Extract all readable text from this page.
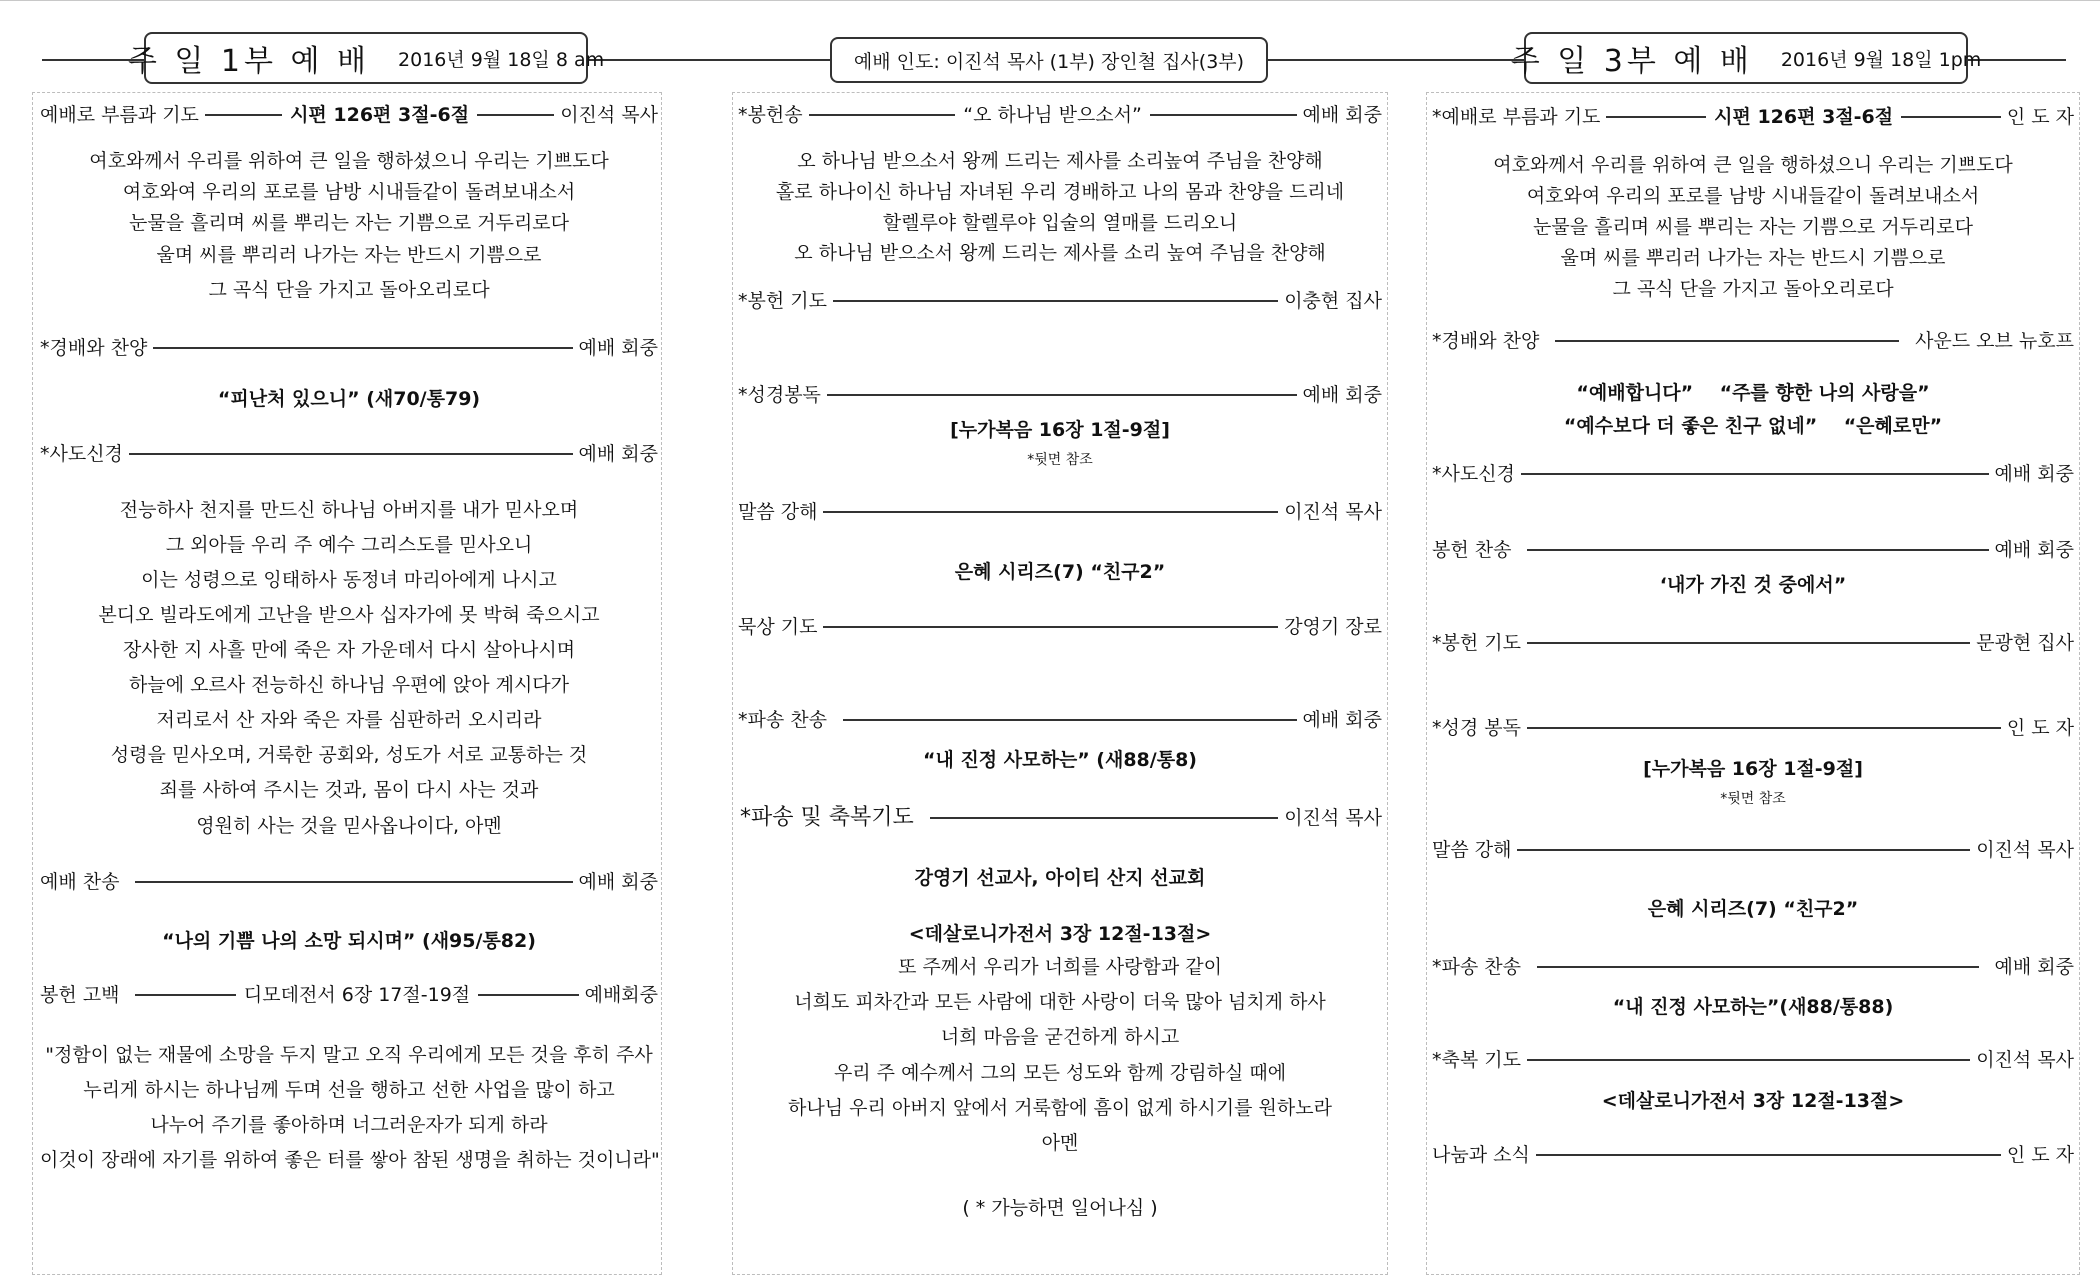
주 일 1부 예 배 2016년 9월 18일 8 am	예배 인도: 이진석 목사 (1부) 장인철 집사(3부)	주 일 3부 예 배 2016년 9월 18일 1pm
예배로 부름과 기도	시편 126편 3절-6절	이진석 목사
여호와께서 우리를 위하여 큰 일을 행하셨으니 우리는 기쁘도다
여호와여 우리의 포로를 남방 시내들같이 돌려보내소서
눈물을 흘리며 씨를 뿌리는 자는 기쁨으로 거두리로다
울며 씨를 뿌리러 나가는 자는 반드시 기쁨으로
그 곡식 단을 가지고 돌아오리로다
*경배와 찬양	예배 회중
“피난처 있으니” (새70/통79)
*사도신경	예배 회중
전능하사 천지를 만드신 하나님 아버지를 내가 믿사오며
그 외아들 우리 주 예수 그리스도를 믿사오니
이는 성령으로 잉태하사 동정녀 마리아에게 나시고
본디오 빌라도에게 고난을 받으사 십자가에 못 박혀 죽으시고
장사한 지 사흘 만에 죽은 자 가운데서 다시 살아나시며
하늘에 오르사 전능하신 하나님 우편에 앉아 계시다가
저리로서 산 자와 죽은 자를 심판하러 오시리라
성령을 믿사오며, 거룩한 공회와, 성도가 서로 교통하는 것
죄를 사하여 주시는 것과, 몸이 다시 사는 것과
영원히 사는 것을 믿사옵나이다, 아멘
예배 찬송	예배 회중
“나의 기쁨 나의 소망 되시며” (새95/통82)
봉헌 고백	디모데전서 6장 17절-19절	예배회중
"정함이 없는 재물에 소망을 두지 말고 오직 우리에게 모든 것을 후히 주사
누리게 하시는 하나님께 두며 선을 행하고 선한 사업을 많이 하고
나누어 주기를 좋아하며 너그러운자가 되게 하라
이것이 장래에 자기를 위하여 좋은 터를 쌓아 참된 생명을 취하는 것이니라"
*봉헌송	“오 하나님 받으소서”	예배 회중
오 하나님 받으소서 왕께 드리는 제사를 소리높여 주님을 찬양해
홀로 하나이신 하나님 자녀된 우리 경배하고 나의 몸과 찬양을 드리네
할렐루야 할렐루야 입술의 열매를 드리오니
오 하나님 받으소서 왕께 드리는 제사를 소리 높여 주님을 찬양해
*봉헌 기도	이충현 집사
*성경봉독	예배 회중
[누가복음 16장 1절-9절]
*뒷면 참조
말씀 강해	이진석 목사
은혜 시리즈(7) “친구2”
묵상 기도	강영기 장로
*파송 찬송	예배 회중
“내 진정 사모하는” (새88/통8)
*파송 및 축복기도	이진석 목사
강영기 선교사, 아이티 산지 선교회
<데살로니가전서 3장 12절-13절>
또 주께서 우리가 너희를 사랑함과 같이
너희도 피차간과 모든 사람에 대한 사랑이 더욱 많아 넘치게 하사
너희 마음을 굳건하게 하시고
우리 주 예수께서 그의 모든 성도와 함께 강림하실 때에
하나님 우리 아버지 앞에서 거룩함에 흠이 없게 하시기를 원하노라
아멘
( * 가능하면 일어나심 )
*예배로 부름과 기도	시편 126편 3절-6절	인 도 자
여호와께서 우리를 위하여 큰 일을 행하셨으니 우리는 기쁘도다
여호와여 우리의 포로를 남방 시내들같이 돌려보내소서
눈물을 흘리며 씨를 뿌리는 자는 기쁨으로 거두리로다
울며 씨를 뿌리러 나가는 자는 반드시 기쁨으로
그 곡식 단을 가지고 돌아오리로다
*경배와 찬양	사운드 오브 뉴호프
“예배합니다”    “주를 향한 나의 사랑을”
“예수보다 더 좋은 친구 없네”    “은혜로만”
*사도신경	예배 회중
봉헌 찬송	예배 회중
‘내가 가진 것 중에서”
*봉헌 기도	문광현 집사
*성경 봉독	인 도 자
[누가복음 16장 1절-9절]
*뒷면 참조
말씀 강해	이진석 목사
은혜 시리즈(7) “친구2”
*파송 찬송	예배 회중
“내 진정 사모하는”(새88/통88)
*축복 기도	이진석 목사
<데살로니가전서 3장 12절-13절>
나눔과 소식	인 도 자
